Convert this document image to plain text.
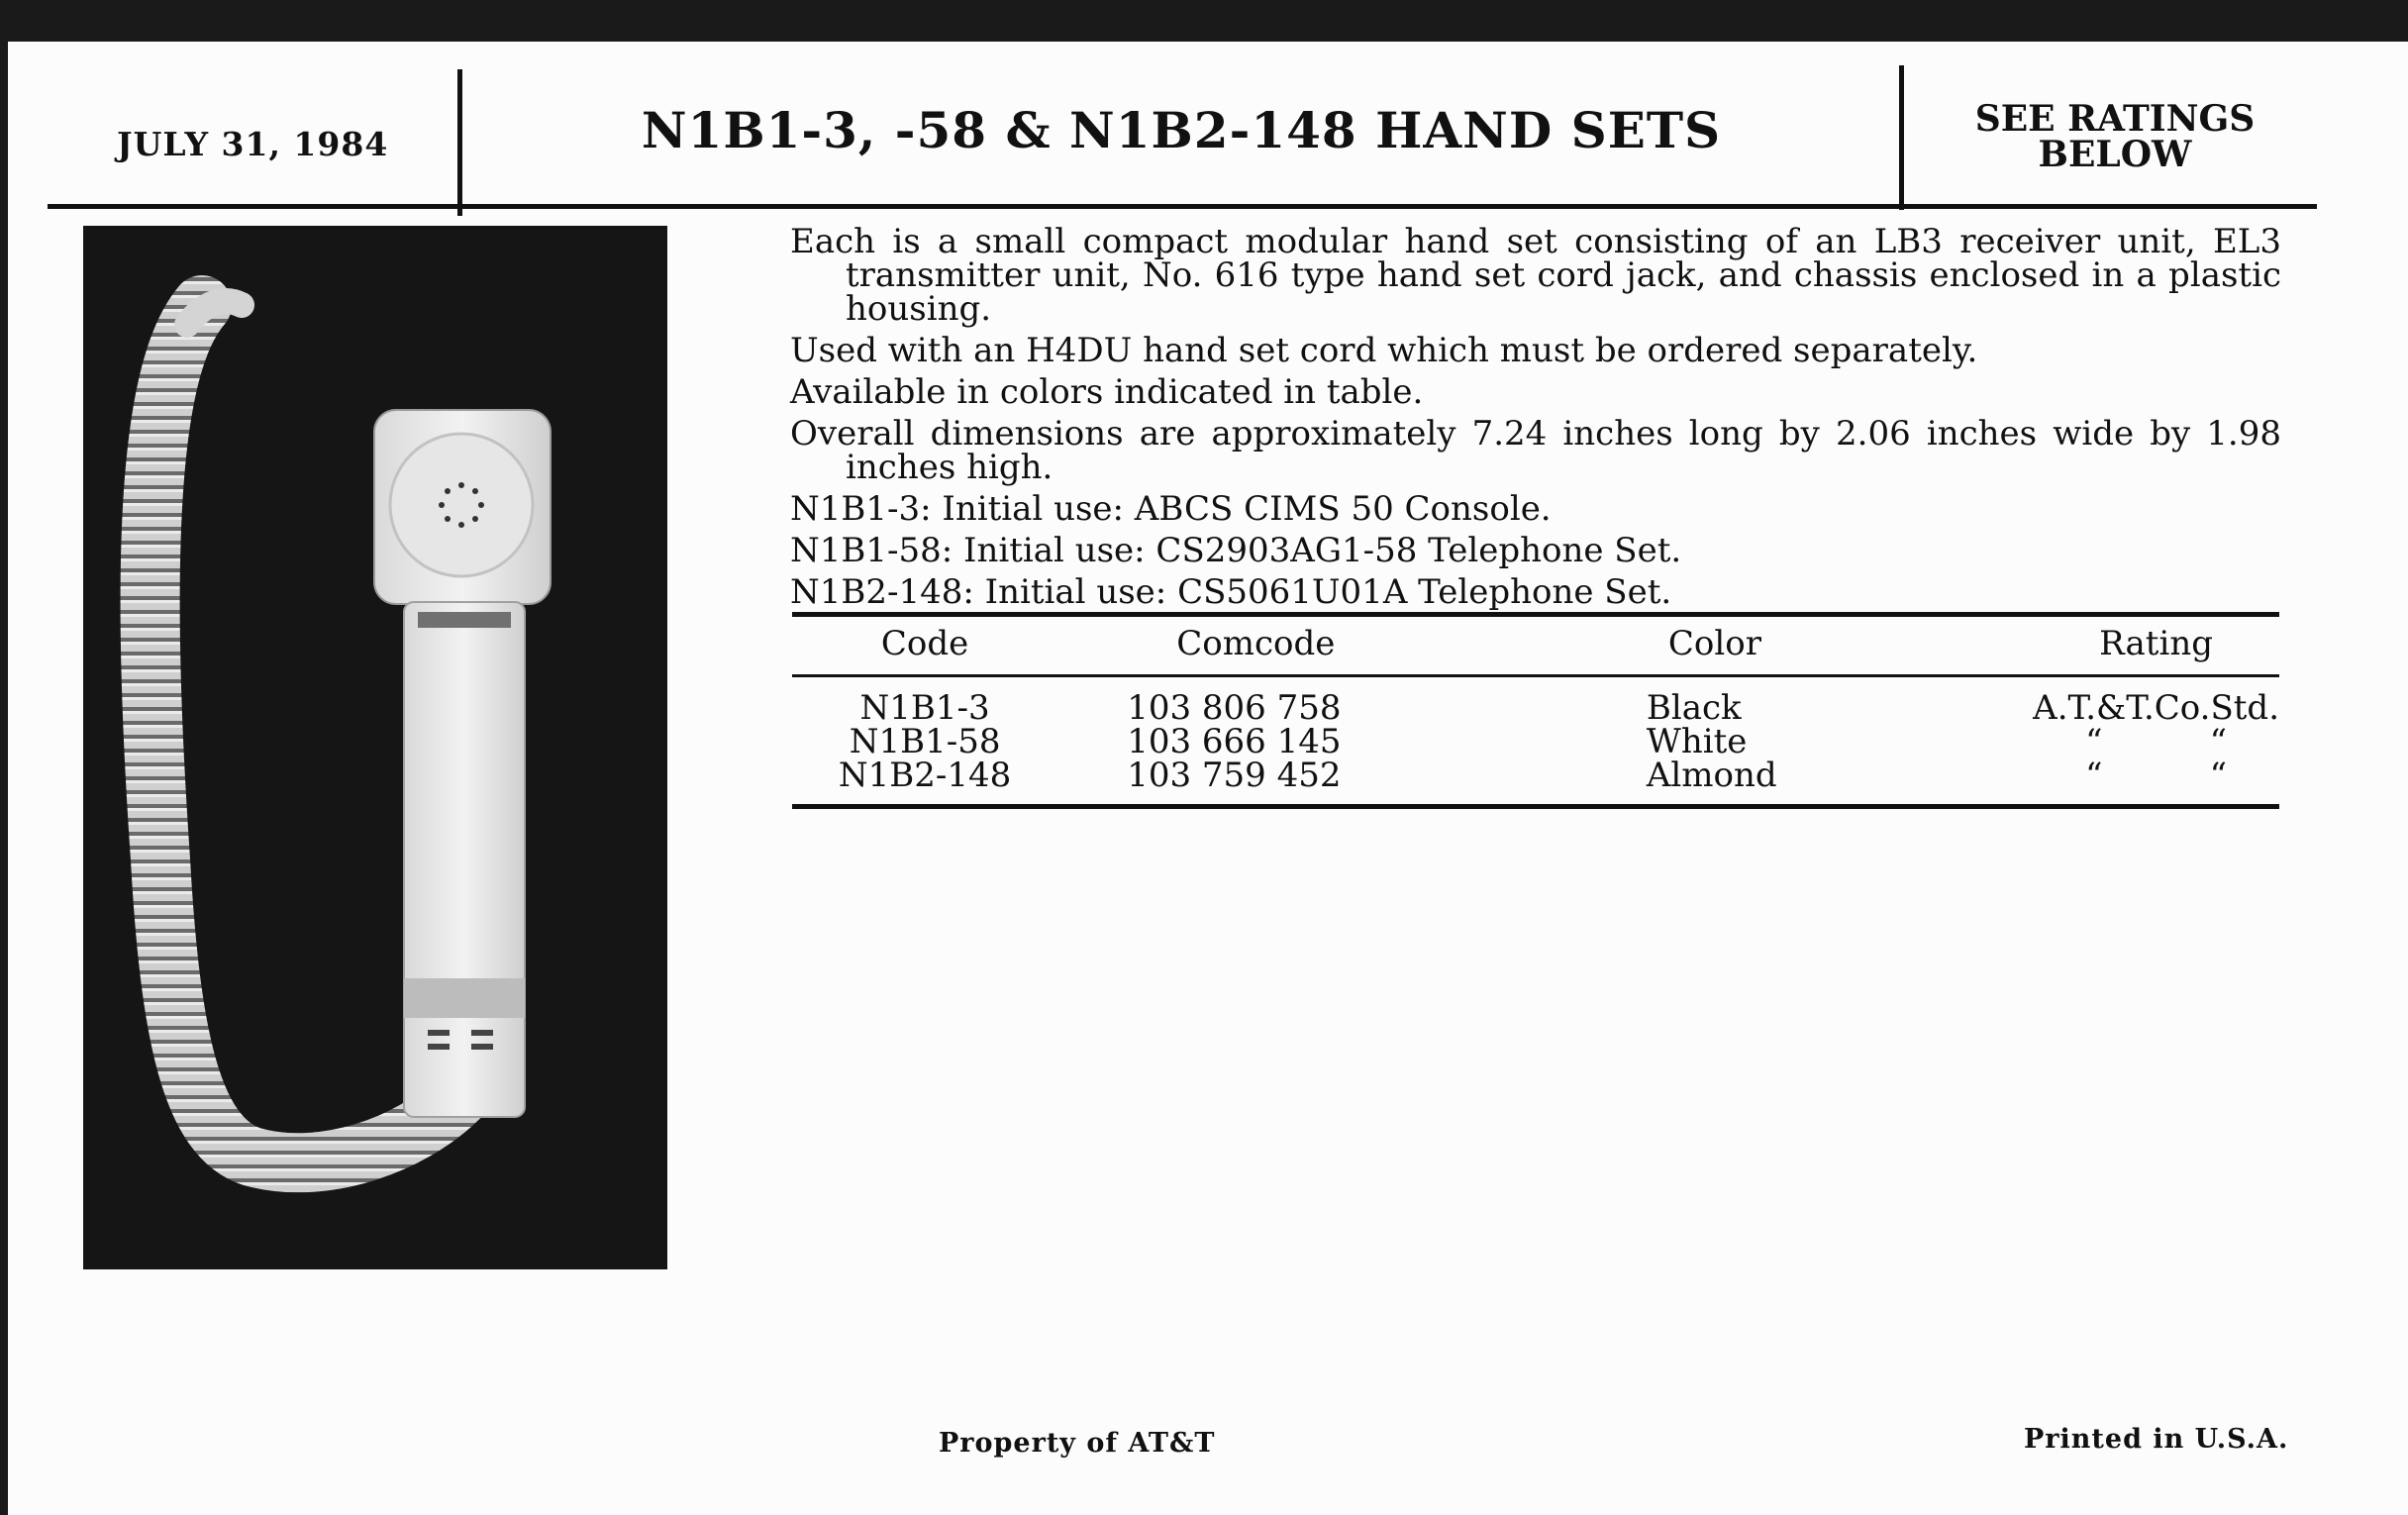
JULY 31, 1984	N1B1-3, -58 & N1B2-148 HAND SETS	SEE RATINGS
BELOW

Each is a small compact modular hand set consisting of an LB3 receiver unit, EL3 transmitter unit, No. 616 type hand set cord jack, and chassis enclosed in a plastic housing.

Used with an H4DU hand set cord which must be ordered separately.

Available in colors indicated in table.

Overall dimensions are approximately 7.24 inches long by 2.06 inches wide by 1.98 inches high.

N1B1-3: Initial use: ABCS CIMS 50 Console.

N1B1-58: Initial use: CS2903AG1-58 Telephone Set.

N1B2-148: Initial use: CS5061U01A Telephone Set.

Code	Comcode	Color	Rating

N1B1-3	103 806 758	Black	A.T.&T.Co.Std.
N1B1-58	103 666 145	White	“          “
N1B2-148	103 759 452	Almond	“          “
Property of AT&T	Printed in U.S.A.
